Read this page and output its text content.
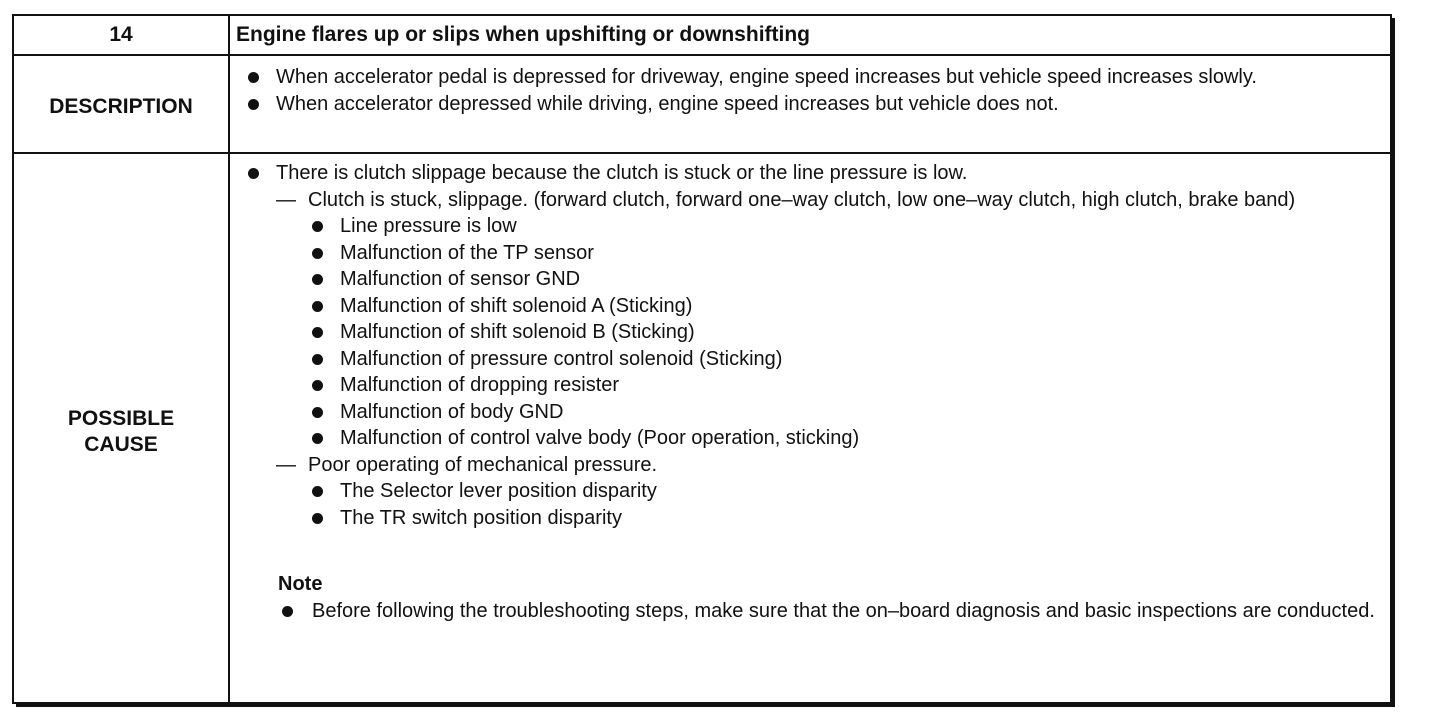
14	Engine flares up or slips when upshifting or downshifting
DESCRIPTION
When accelerator pedal is depressed for driveway, engine speed increases but vehicle speed increases slowly.
When accelerator depressed while driving, engine speed increases but vehicle does not.
POSSIBLE
CAUSE
There is clutch slippage because the clutch is stuck or the line pressure is low.
— Clutch is stuck, slippage. (forward clutch, forward one–way clutch, low one–way clutch, high clutch, brake band)
Line pressure is low
Malfunction of the TP sensor
Malfunction of sensor GND
Malfunction of shift solenoid A (Sticking)
Malfunction of shift solenoid B (Sticking)
Malfunction of pressure control solenoid (Sticking)
Malfunction of dropping resister
Malfunction of body GND
Malfunction of control valve body (Poor operation, sticking)
— Poor operating of mechanical pressure.
The Selector lever position disparity
The TR switch position disparity
Note
Before following the troubleshooting steps, make sure that the on–board diagnosis and basic inspections are conducted.
